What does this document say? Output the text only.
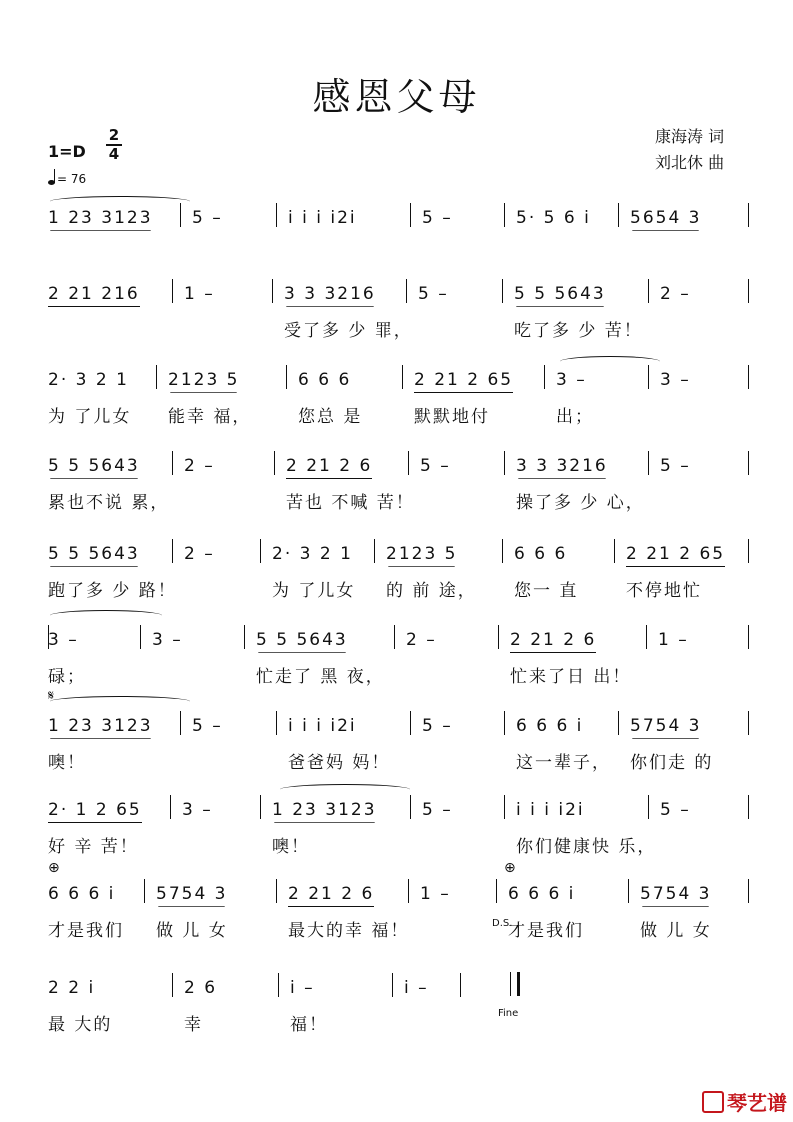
感恩父母
康海涛 词
刘北休 曲
$1=D \frac{2}{4}$
= 76
1 23 3123 5 –	i i i i2i	5 –	5· 5 6 i 5654 3
2 21 216	1 –	3 3 3216 5 –	5 5 5643	2 –
受了多 少 罪，	吃了多 少 苦！
2· 3 2 1 2123 5	6 6 6	2 21 2 65	3 –	3 –
为 了儿女 能幸 福，	您总 是	默默地付	出；
5 5 5643	2 –	2 21 2 6	5 –	3 3 3216	5 –
累也不说 累，	苦也 不喊 苦！	操了多 少 心，
5 5 5643	2 –	2· 3 2 1 2123 5	6 6 6	2 21 2 65
跑了多 少 路！	为 了儿女 的 前 途， 您一 直	不停地忙
3 –	3 –	5 5 5643	2 –	2 21 2 6	1 –
碌；	忙走了 黑 夜，	忙来了日 出！
1 23 3123 5 –	i i i i2i	5 –	6 6 6 i	5754 3
噢！	爸爸妈 妈！	这一辈子， 你们走 的
2· 1 2 65 3 –	1 23 3123	5 –	i i i i2i	5 –
好 辛 苦！	噢！	你们健康快 乐，
6 6 6 i 5754 3	2 21 2 6	1 –	6 6 6 i	5754 3
才是我们 做 儿 女	最大的幸 福！	才是我们	做 儿 女
2 2 i	2 6	i –	i –
最 大的	幸	福！
𝄋
⊕	⊕
D.S.
Fine
琴艺谱
